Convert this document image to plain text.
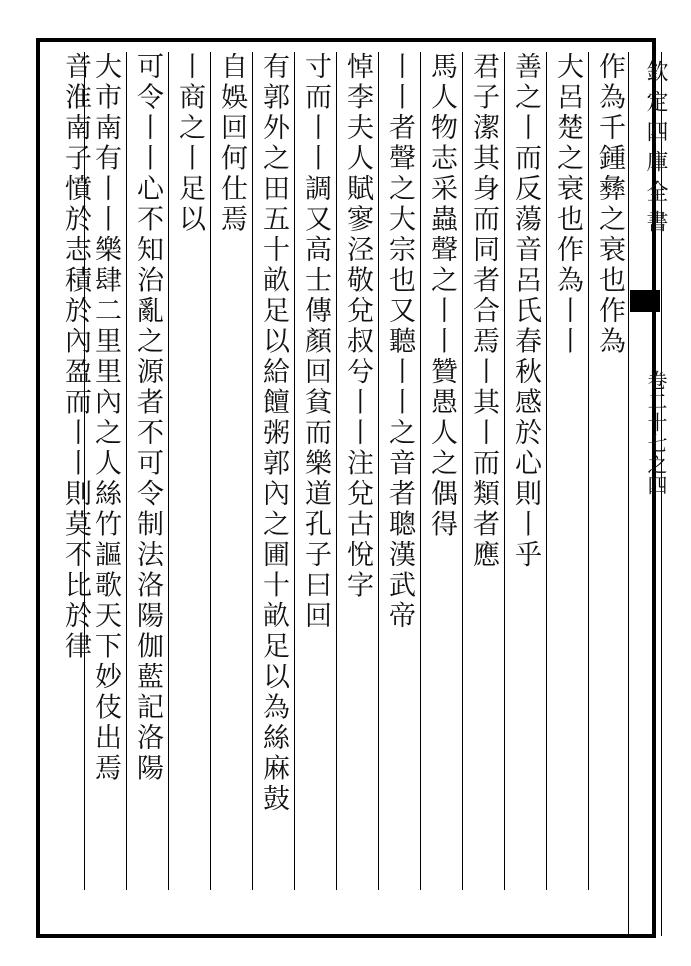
欽定四庫全書
卷二十七之四
作為千鍾彝之衰也作為
大呂楚之衰也作為丨丨
善之丨而反蕩音呂氏春秋感於心則丨乎
君子潔其身而同者合焉丨其丨而類者應
馬人物志采蟲聲之丨丨贊愚人之偶得
丨丨者聲之大宗也又聽丨丨之音者聰漢武帝
悼李夫人賦寥泾敬兌叔兮丨丨注兌古悅字
寸而丨丨調又高士傳顏回貧而樂道孔子曰回
有郭外之田五十畝足以給饘粥郭內之圃十畝足以為絲麻鼓
自娛回何仕焉
丨商之丨足以
可令丨丨心不知治亂之源者不可令制法洛陽伽藍記洛陽
大市南有丨丨樂肆二里里內之人絲竹謳歌天下妙伎出焉
音淮南子憤於志積於內盈而丨丨則莫不比於律
